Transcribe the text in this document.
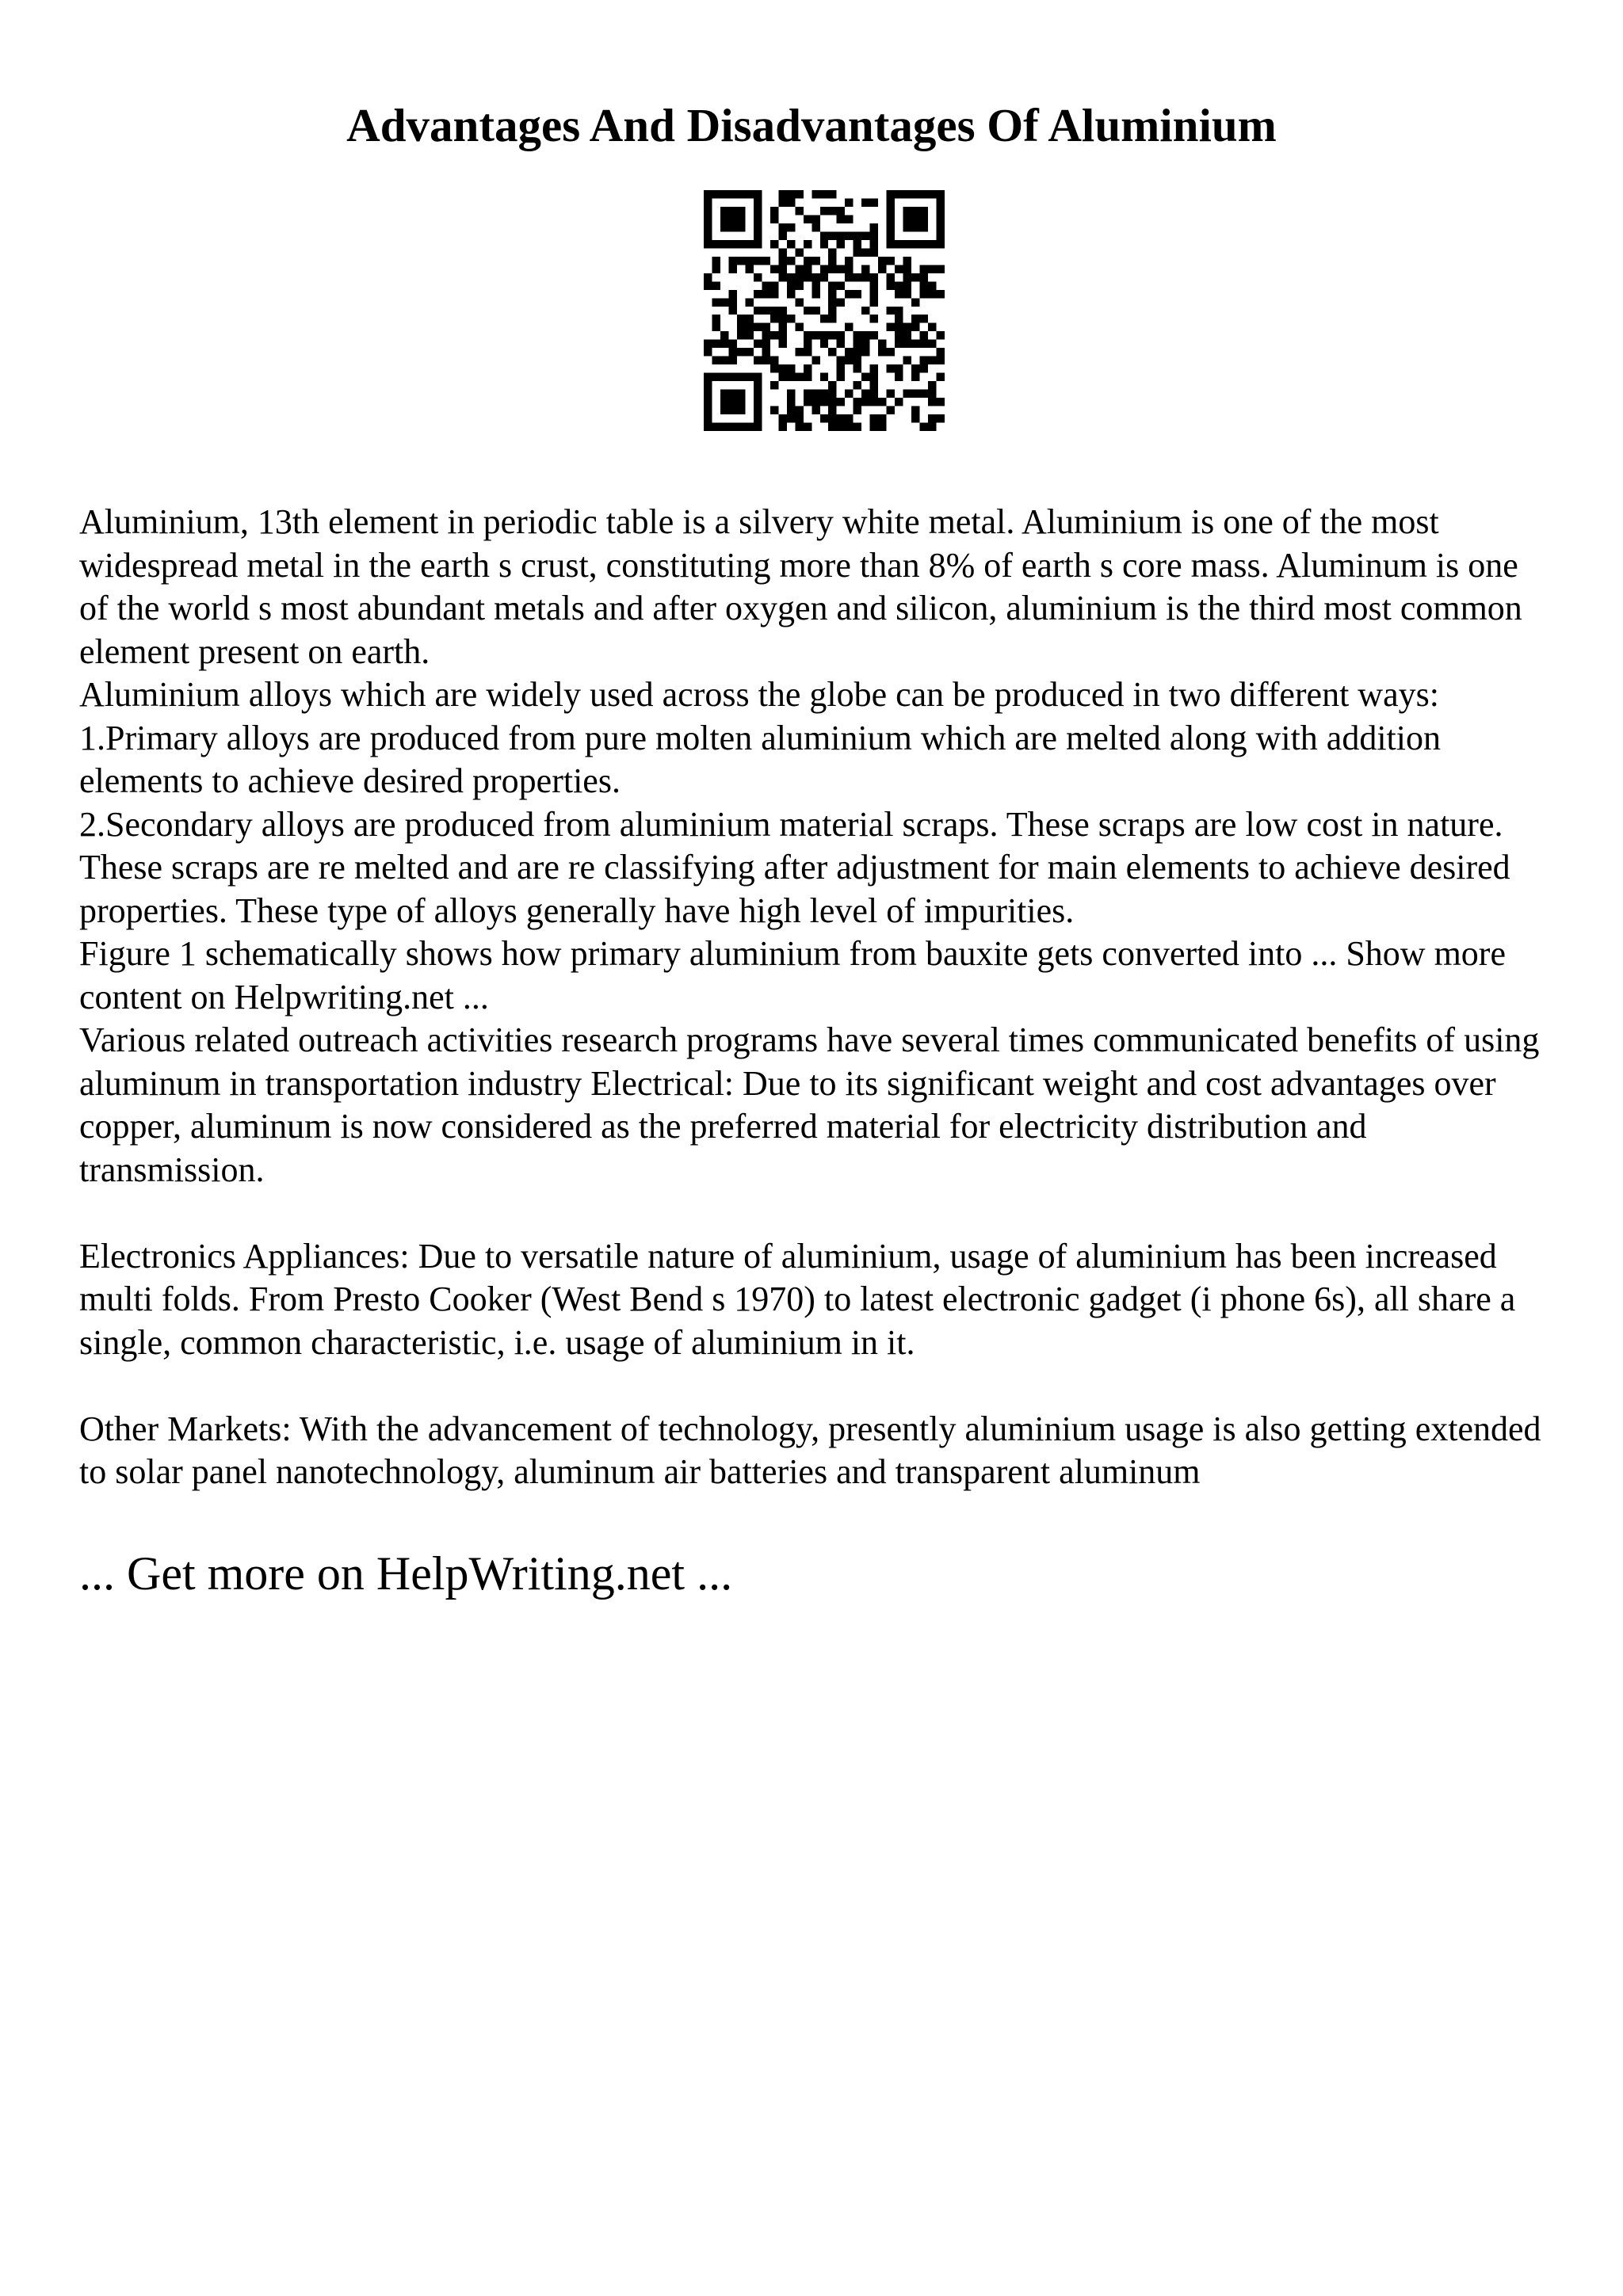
Advantages And Disadvantages Of Aluminium

Aluminium, 13th element in periodic table is a silvery white metal. Aluminium is one of the most widespread metal in the earth s crust, constituting more than 8% of earth s core mass. Aluminum is one of the world s most abundant metals and after oxygen and silicon, aluminium is the third most common element present on earth.

Aluminium alloys which are widely used across the globe can be produced in two different ways:

1.Primary alloys are produced from pure molten aluminium which are melted along with addition elements to achieve desired properties.

2.Secondary alloys are produced from aluminium material scraps. These scraps are low cost in nature. These scraps are re melted and are re classifying after adjustment for main elements to achieve desired properties. These type of alloys generally have high level of impurities.

Figure 1 schematically shows how primary aluminium from bauxite gets converted into ... Show more content on Helpwriting.net ...

Various related outreach activities research programs have several times communicated benefits of using aluminum in transportation industry Electrical: Due to its significant weight and cost advantages over copper, aluminum is now considered as the preferred material for electricity distribution and transmission.

Electronics Appliances: Due to versatile nature of aluminium, usage of aluminium has been increased multi folds. From Presto Cooker (West Bend s 1970) to latest electronic gadget (i phone 6s), all share a single, common characteristic, i.e. usage of aluminium in it.

Other Markets: With the advancement of technology, presently aluminium usage is also getting extended to solar panel nanotechnology, aluminum air batteries and transparent aluminum

... Get more on HelpWriting.net ...
